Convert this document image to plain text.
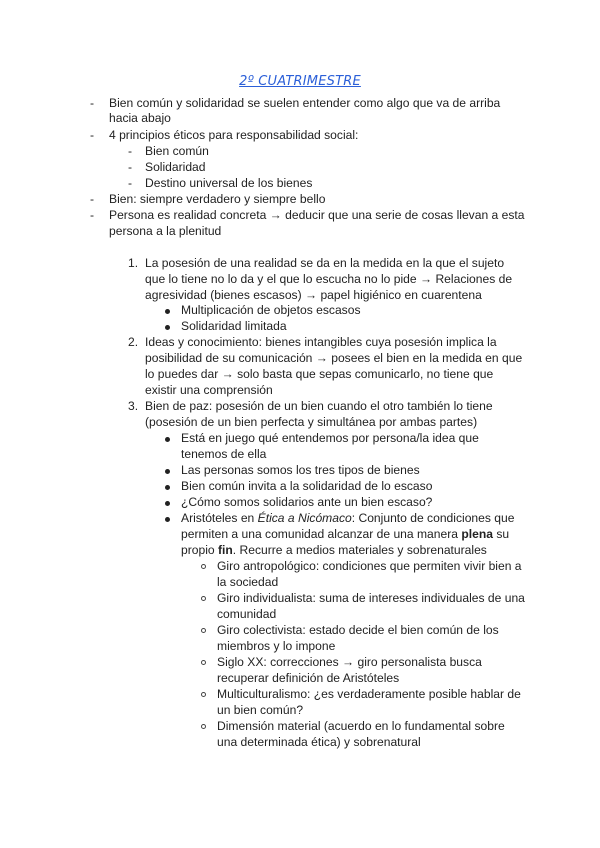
2º CUATRIMESTRE
- Bien común y solidaridad se suelen entender como algo que va de arriba
hacia abajo
- 4 principios éticos para responsabilidad social:
- Bien común
- Solidaridad
- Destino universal de los bienes
- Bien: siempre verdadero y siempre bello
- Persona es realidad concreta → deducir que una serie de cosas llevan a esta
persona a la plenitud
1. La posesión de una realidad se da en la medida en la que el sujeto
que lo tiene no lo da y el que lo escucha no lo pide → Relaciones de
agresividad (bienes escasos) → papel higiénico en cuarentena
Multiplicación de objetos escasos
Solidaridad limitada
2. Ideas y conocimiento: bienes intangibles cuya posesión implica la
posibilidad de su comunicación → posees el bien en la medida en que
lo puedes dar → solo basta que sepas comunicarlo, no tiene que
existir una comprensión
3. Bien de paz: posesión de un bien cuando el otro también lo tiene
(posesión de un bien perfecta y simultánea por ambas partes)
Está en juego qué entendemos por persona/la idea que
tenemos de ella
Las personas somos los tres tipos de bienes
Bien común invita a la solidaridad de lo escaso
¿Cómo somos solidarios ante un bien escaso?
Aristóteles en Ética a Nicómaco: Conjunto de condiciones que
permiten a una comunidad alcanzar de una manera plena su
propio fin. Recurre a medios materiales y sobrenaturales
Giro antropológico: condiciones que permiten vivir bien a
la sociedad
Giro individualista: suma de intereses individuales de una
comunidad
Giro colectivista: estado decide el bien común de los
miembros y lo impone
Siglo XX: correcciones → giro personalista busca
recuperar definición de Aristóteles
Multiculturalismo: ¿es verdaderamente posible hablar de
un bien común?
Dimensión material (acuerdo en lo fundamental sobre
una determinada ética) y sobrenatural
